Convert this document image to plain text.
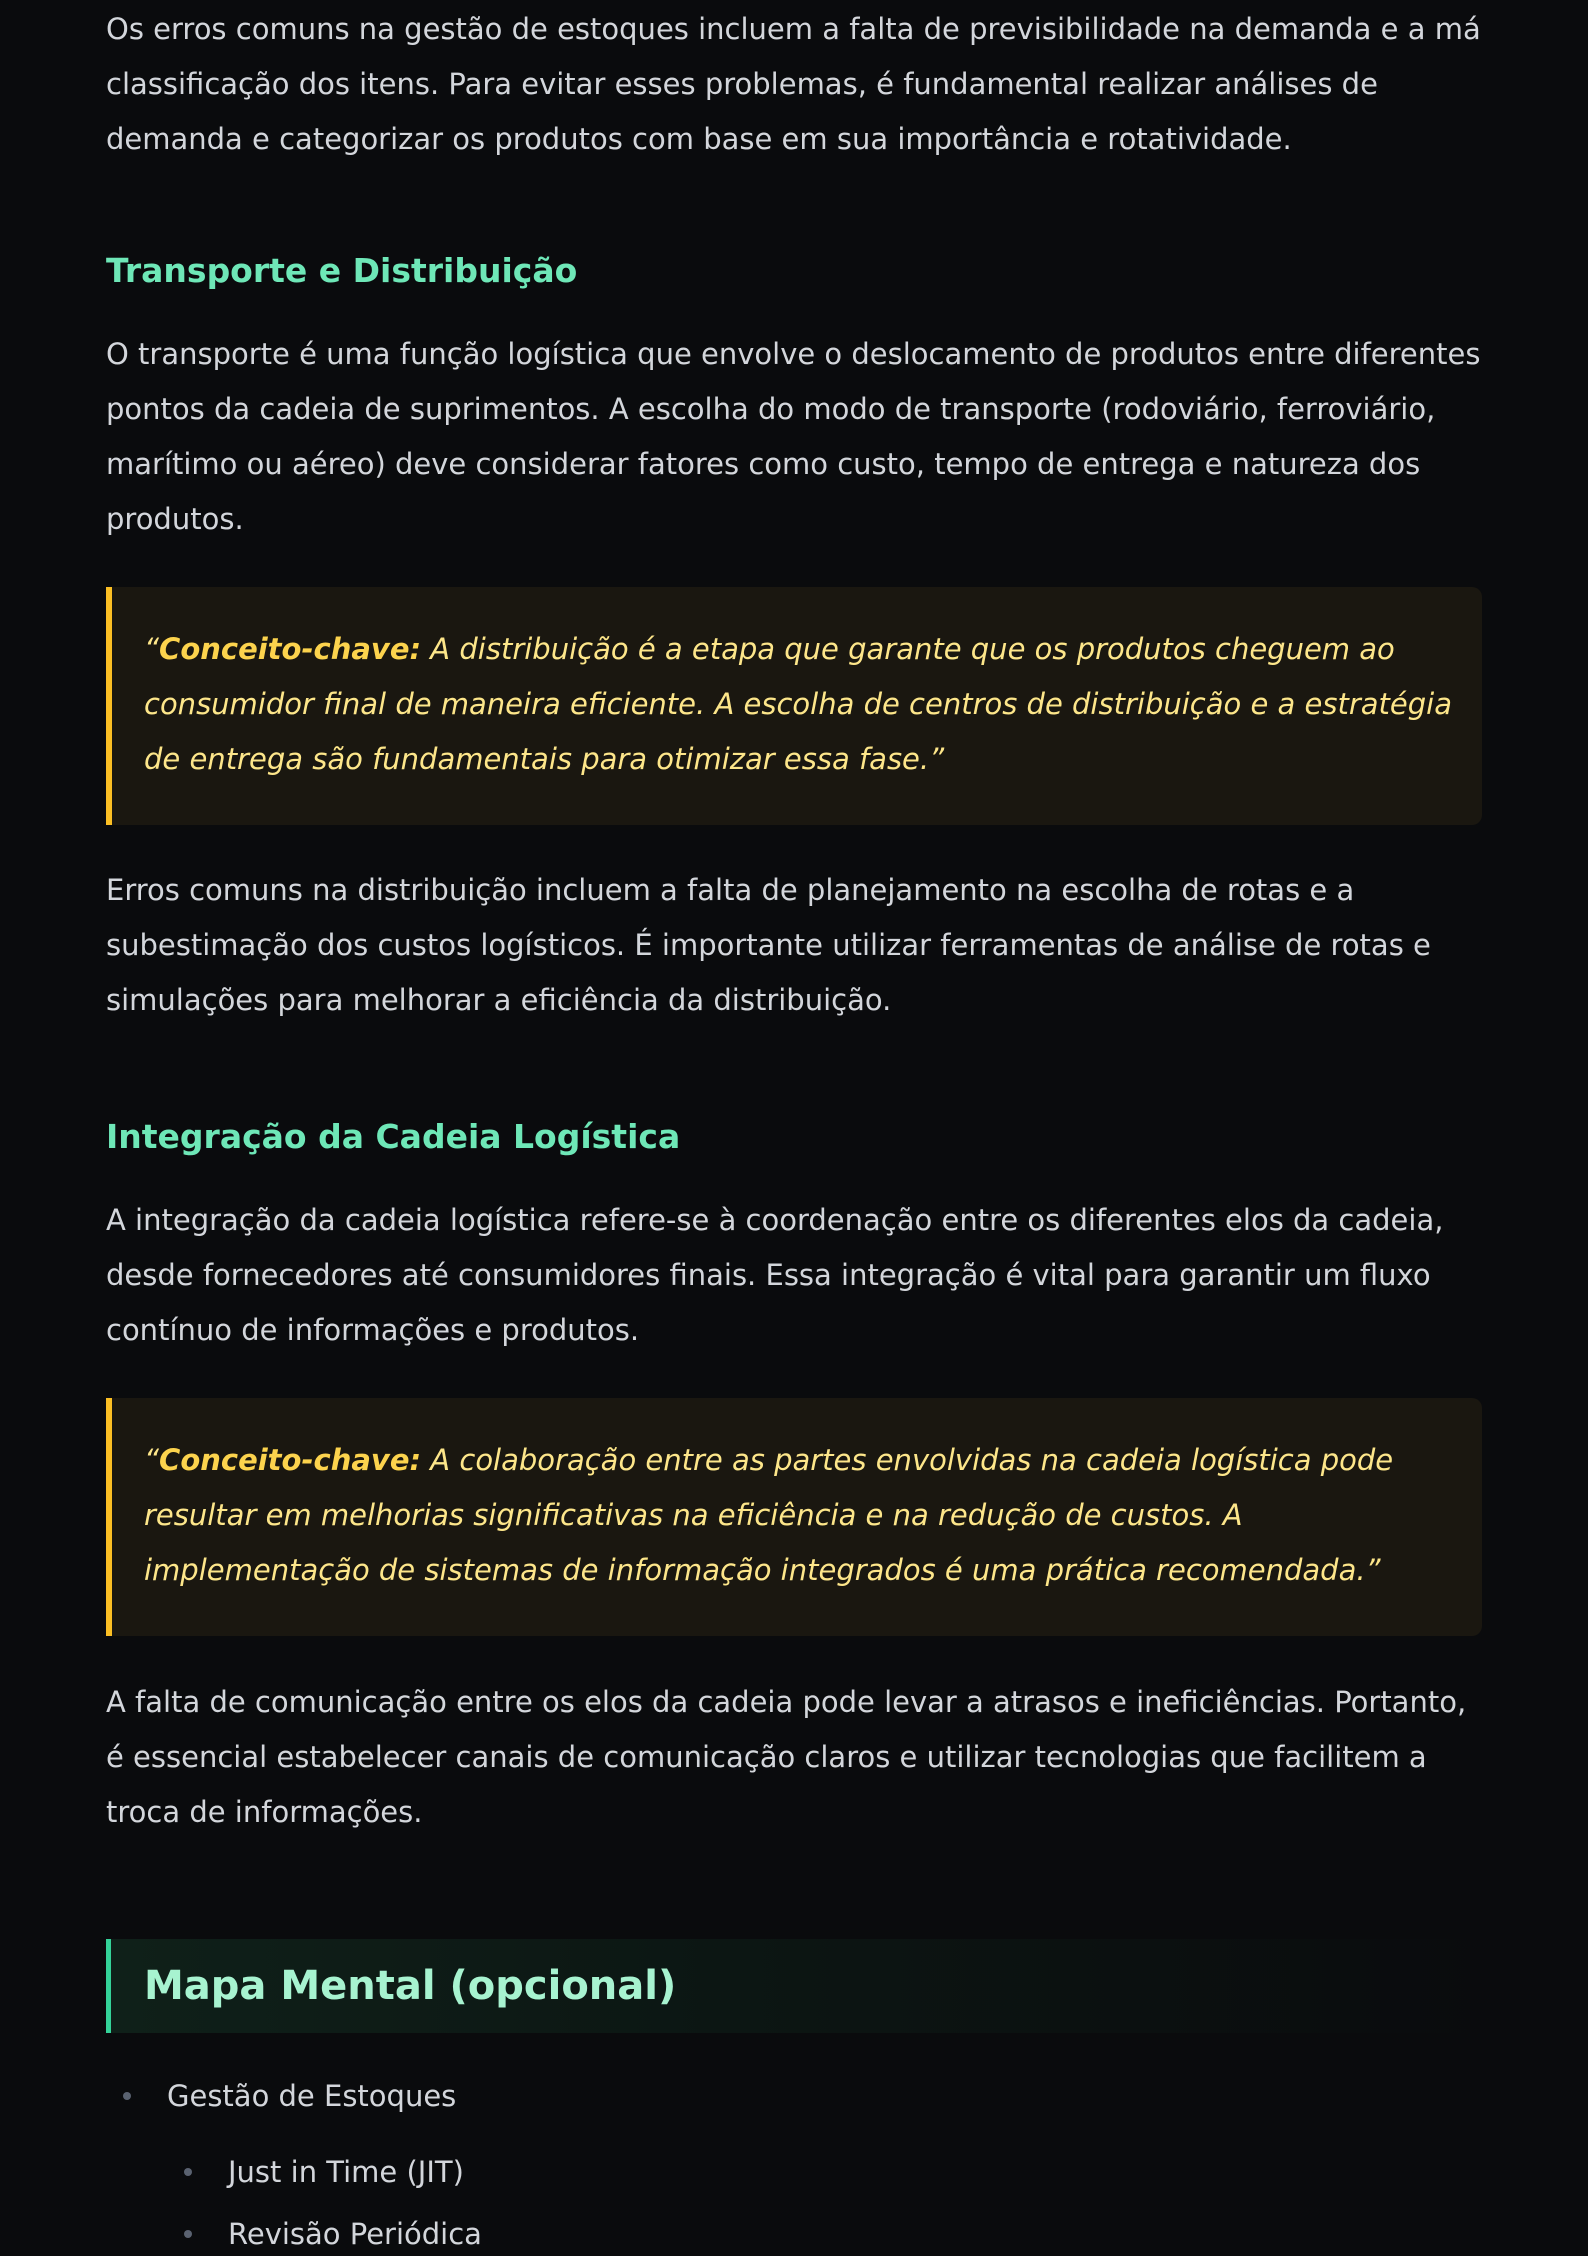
Os erros comuns na gestão de estoques incluem a falta de previsibilidade na demanda e a má classificação dos itens. Para evitar esses problemas, é fundamental realizar análises de demanda e categorizar os produtos com base em sua importância e rotatividade.

Transporte e Distribuição

O transporte é uma função logística que envolve o deslocamento de produtos entre diferentes pontos da cadeia de suprimentos. A escolha do modo de transporte (rodoviário, ferroviário, marítimo ou aéreo) deve considerar fatores como custo, tempo de entrega e natureza dos produtos.

“Conceito-chave: A distribuição é a etapa que garante que os produtos cheguem ao consumidor final de maneira eficiente. A escolha de centros de distribuição e a estratégia de entrega são fundamentais para otimizar essa fase.”

Erros comuns na distribuição incluem a falta de planejamento na escolha de rotas e a subestimação dos custos logísticos. É importante utilizar ferramentas de análise de rotas e simulações para melhorar a eficiência da distribuição.

Integração da Cadeia Logística

A integração da cadeia logística refere-se à coordenação entre os diferentes elos da cadeia, desde fornecedores até consumidores finais. Essa integração é vital para garantir um fluxo contínuo de informações e produtos.

“Conceito-chave: A colaboração entre as partes envolvidas na cadeia logística pode resultar em melhorias significativas na eficiência e na redução de custos. A implementação de sistemas de informação integrados é uma prática recomendada.”

A falta de comunicação entre os elos da cadeia pode levar a atrasos e ineficiências. Portanto, é essencial estabelecer canais de comunicação claros e utilizar tecnologias que facilitem a troca de informações.

Mapa Mental (opcional)
Gestão de Estoques
Just in Time (JIT)
Revisão Periódica
